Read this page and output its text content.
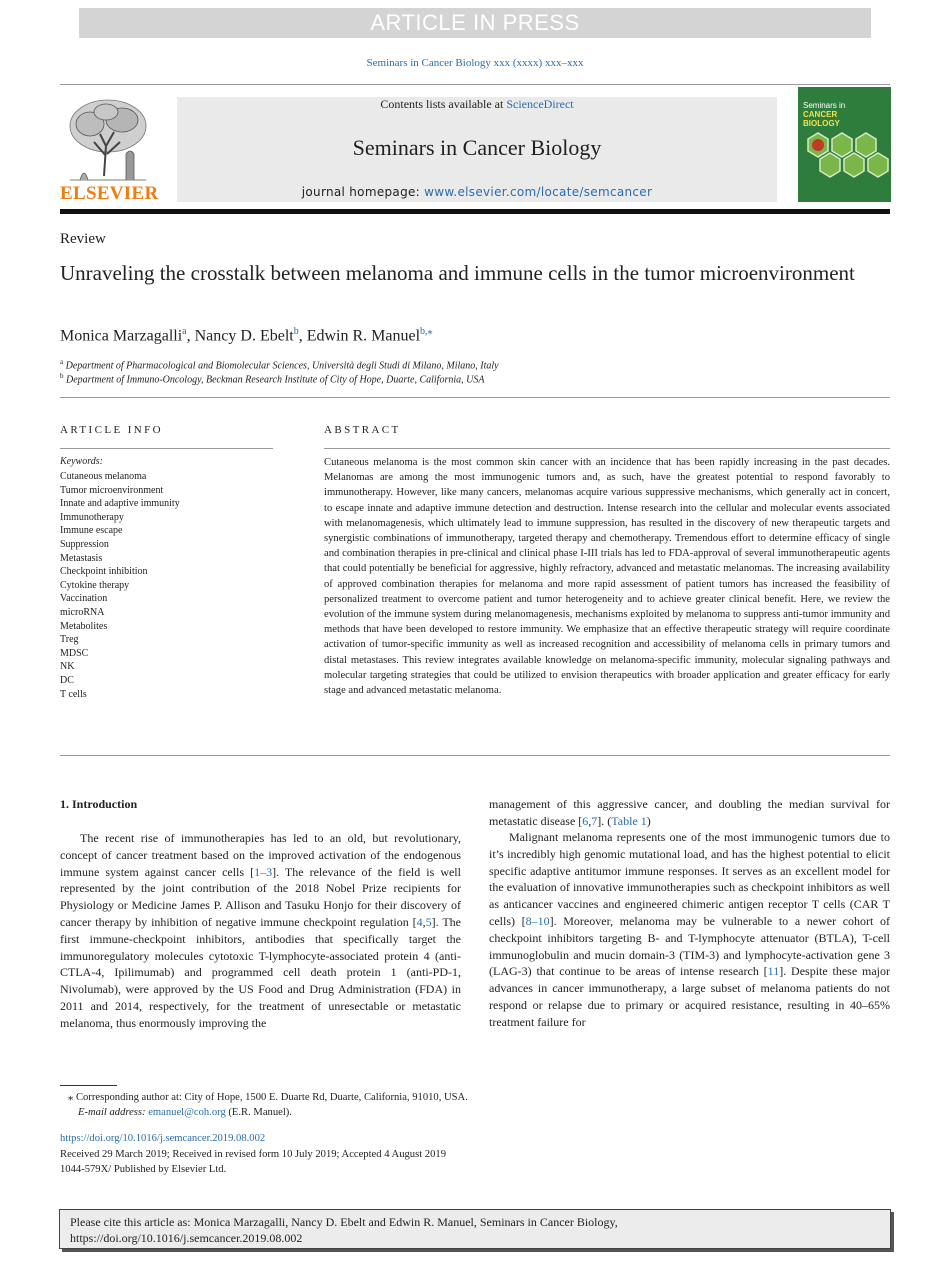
ARTICLE IN PRESS
Seminars in Cancer Biology xxx (xxxx) xxx–xxx
ELSEVIER
Contents lists available at ScienceDirect
Seminars in Cancer Biology
journal homepage: www.elsevier.com/locate/semcancer
Seminars in
CANCER
BIOLOGY
Review
Unraveling the crosstalk between melanoma and immune cells in the tumor microenvironment
Monica Marzagalli$^a$, Nancy D. Ebelt$^b$, Edwin R. Manuel$^{b,⁎}$
$^a$ Department of Pharmacological and Biomolecular Sciences, Università degli Studi di Milano, Milano, Italy
$^b$ Department of Immuno-Oncology, Beckman Research Institute of City of Hope, Duarte, California, USA
ARTICLE INFO	ABSTRACT
Keywords:
Cutaneous melanoma
Tumor microenvironment
Innate and adaptive immunity
Immunotherapy
Immune escape
Suppression
Metastasis
Checkpoint inhibition
Cytokine therapy
Vaccination
microRNA
Metabolites
Treg
MDSC
NK
DC
T cells
Cutaneous melanoma is the most common skin cancer with an incidence that has been rapidly increasing in the past decades. Melanomas are among the most immunogenic tumors and, as such, have the greatest potential to respond favorably to immunotherapy. However, like many cancers, melanomas acquire various suppressive mechanisms, which generally act in concert, to escape innate and adaptive immune detection and destruction. Intense research into the cellular and molecular events associated with melanomagenesis, which ultimately lead to immune suppression, has resulted in the discovery of new therapeutic targets and synergistic combinations of immunotherapy, targeted therapy and chemotherapy. Tremendous effort to determine efficacy of single and combination therapies in pre-clinical and clinical phase I-III trials has led to FDA-approval of several immunotherapeutic agents that could potentially be beneficial for aggressive, highly refractory, advanced and metastatic melanomas. The increasing availability of approved combination therapies for melanoma and more rapid assessment of patient tumors has increased the feasibility of personalized treatment to overcome patient and tumor heterogeneity and to achieve greater clinical benefit. Here, we review the evolution of the immune system during melanomagenesis, mechanisms exploited by melanoma to suppress anti-tumor immunity and methods that have been developed to restore immunity. We emphasize that an effective therapeutic strategy will require coordinate activation of tumor-specific immunity as well as increased recognition and accessibility of melanoma cells in primary tumors and distal metastases. This review integrates available knowledge on melanoma-specific immunity, molecular signaling pathways and molecular targeting strategies that could be utilized to envision therapeutics with broader application and greater efficacy for early stage and advanced metastatic melanoma.
1. Introduction
The recent rise of immunotherapies has led to an old, but revolutionary, concept of cancer treatment based on the improved activation of the endogenous immune system against cancer cells [1–3]. The relevance of the field is well represented by the joint contribution of the 2018 Nobel Prize recipients for Physiology or Medicine James P. Allison and Tasuku Honjo for their discovery of cancer therapy by inhibition of negative immune checkpoint regulation [4,5]. The first immune-checkpoint inhibitors, antibodies that specifically target the immunoregulatory molecules cytotoxic T-lymphocyte-associated protein 4 (anti-CTLA-4, Ipilimumab) and programmed cell death protein 1 (anti-PD-1, Nivolumab), were approved by the US Food and Drug Administration (FDA) in 2011 and 2014, respectively, for the treatment of unresectable or metastatic melanoma, thus enormously improving the
management of this aggressive cancer, and doubling the median survival for metastatic disease [6,7]. (Table 1)
Malignant melanoma represents one of the most immunogenic tumors due to it’s incredibly high genomic mutational load, and has the highest potential to elicit specific adaptive antitumor immune responses. It serves as an excellent model for the evaluation of innovative immunotherapies such as checkpoint inhibitors as well as anticancer vaccines and engineered chimeric antigen receptor T cells (CAR T cells) [8–10]. Moreover, melanoma may be vulnerable to a newer cohort of checkpoint inhibitors targeting B- and T-lymphocyte attenuator (BTLA), T-cell immunoglobulin and mucin domain-3 (TIM-3) and lymphocyte-activation gene 3 (LAG-3) that continue to be areas of intense research [11]. Despite these major advances in cancer immunotherapy, a large subset of melanoma patients do not respond or relapse due to primary or acquired resistance, resulting in 40–65% treatment failure for
⁎ Corresponding author at: City of Hope, 1500 E. Duarte Rd, Duarte, California, 91010, USA.
E-mail address: emanuel@coh.org (E.R. Manuel).
https://doi.org/10.1016/j.semcancer.2019.08.002
Received 29 March 2019; Received in revised form 10 July 2019; Accepted 4 August 2019
1044-579X/ Published by Elsevier Ltd.
Please cite this article as: Monica Marzagalli, Nancy D. Ebelt and Edwin R. Manuel, Seminars in Cancer Biology,
https://doi.org/10.1016/j.semcancer.2019.08.002
